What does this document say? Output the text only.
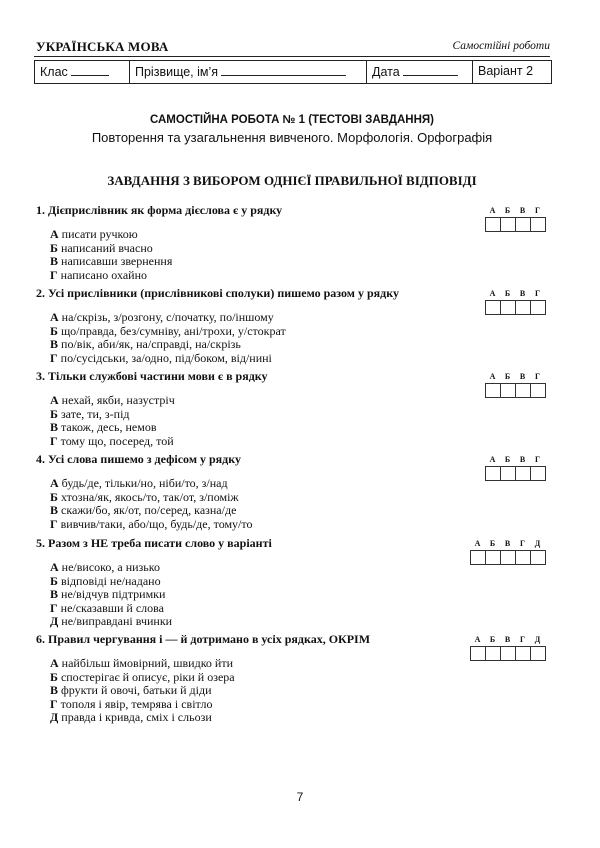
УКРАЇНСЬКА МОВА	Самостійні роботи
Клас	Прізвище, ім’я	Дата	Варіант 2
САМОСТІЙНА РОБОТА № 1 (ТЕСТОВІ ЗАВДАННЯ)
Повторення та узагальнення вивченого. Морфологія. Орфографія
ЗАВДАННЯ З ВИБОРОМ ОДНІЄЇ ПРАВИЛЬНОЇ ВІДПОВІДІ
1. Дієприслівник як форма дієслова є у рядку	А	Б	В	Г
А писати ручкою
Б написаний вчасно
В написавши звернення
Г написано охайно
2. Усі прислівники (прислівникові сполуки) пишемо разом у рядку	А	Б	В	Г
А на/скрізь, з/розгону, с/початку, по/іншому
Б що/правда, без/сумніву, ані/трохи, у/стократ
В по/вік, аби/як, на/справді, на/скрізь
Г по/сусідськи, за/одно, під/боком, від/нині
3. Тільки службові частини мови є в рядку	А	Б	В	Г
А нехай, якби, назустріч
Б зате, ти, з-під
В також, десь, немов
Г тому що, посеред, той
4. Усі слова пишемо з дефісом у рядку	А	Б	В	Г
А будь/де, тільки/но, ніби/то, з/над
Б хтозна/як, якось/то, так/от, з/поміж
В скажи/бо, як/от, по/серед, казна/де
Г вивчив/таки, або/що, будь/де, тому/то
5. Разом з НЕ треба писати слово у варіанті	А	Б	В	Г	Д
А не/високо, а низько
Б відповіді не/надано
В не/відчув підтримки
Г не/сказавши й слова
Д не/виправдані вчинки
6. Правил чергування і — й дотримано в усіх рядках, ОКРІМ	А	Б	В	Г	Д
А найбільш ймовірний, швидко йти
Б спостерігає й описує, ріки й озера
В фрукти й овочі, батьки й діди
Г тополя і явір, темрява і світло
Д правда і кривда, сміх і сльози
7
